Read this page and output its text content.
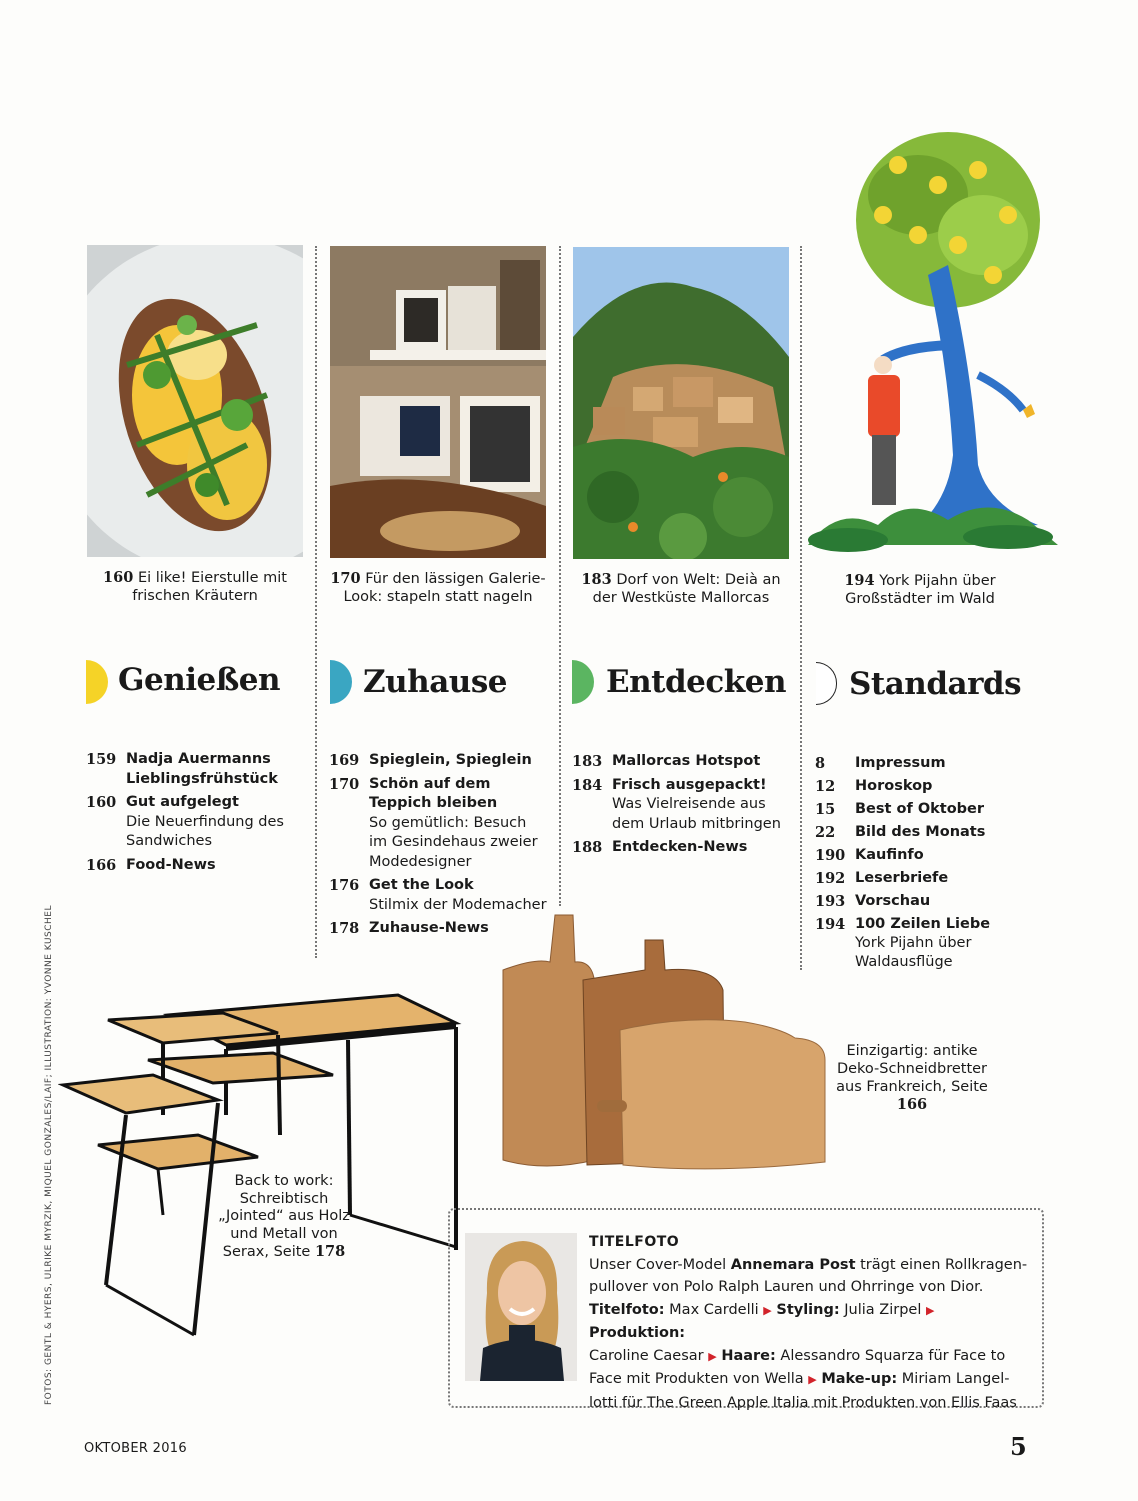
160 Ei like! Eierstulle mit frischen Kräutern
170 Für den lässigen Galerie-Look: stapeln statt nageln
183 Dorf von Welt: Deià an der Westküste Mallorcas
194 York Pijahn über Großstädter im Wald
Genießen	Zuhause	Entdecken Standards
159 Nadja Auermanns Lieblingsfrühstück
160 Gut aufgelegt
Die Neuerfindung des Sandwiches
166 Food-News
169 Spieglein, Spieglein
170 Schön auf dem Teppich bleiben
So gemütlich: Besuch im Gesindehaus zweier Modedesigner
176 Get the Look
Stilmix der Modemacher
178 Zuhause-News
183 Mallorcas Hotspot
184 Frisch ausgepackt!
Was Vielreisende aus dem Urlaub mitbringen
188 Entdecken-News
8	Impressum
12	Horoskop
15	Best of Oktober
22	Bild des Monats
190 Kaufinfo
192 Leserbriefe
193 Vorschau
194 100 Zeilen Liebe
York Pijahn über Waldausflüge
Back to work: Schreibtisch „Jointed“ aus Holz und Metall von Serax, Seite 178
Einzigartig: antike Deko-Schneidbretter aus Frankreich, Seite 166
TITELFOTO
Unser Cover-Model Annemara Post trägt einen Rollkragen-
pullover von Polo Ralph Lauren und Ohrringe von Dior.
Titelfoto: Max Cardelli ▶ Styling: Julia Zirpel ▶ Produktion:
Caroline Caesar ▶ Haare: Alessandro Squarza für Face to
Face mit Produkten von Wella ▶ Make-up: Miriam Langel-
lotti für The Green Apple Italia mit Produkten von Ellis Faas
FOTOS: GENTL & HYERS, ULRIKE MYRZIK, MIQUEL GONZALES/LAIF; ILLUSTRATION: YVONNE KUSCHEL
OKTOBER 2016	5
